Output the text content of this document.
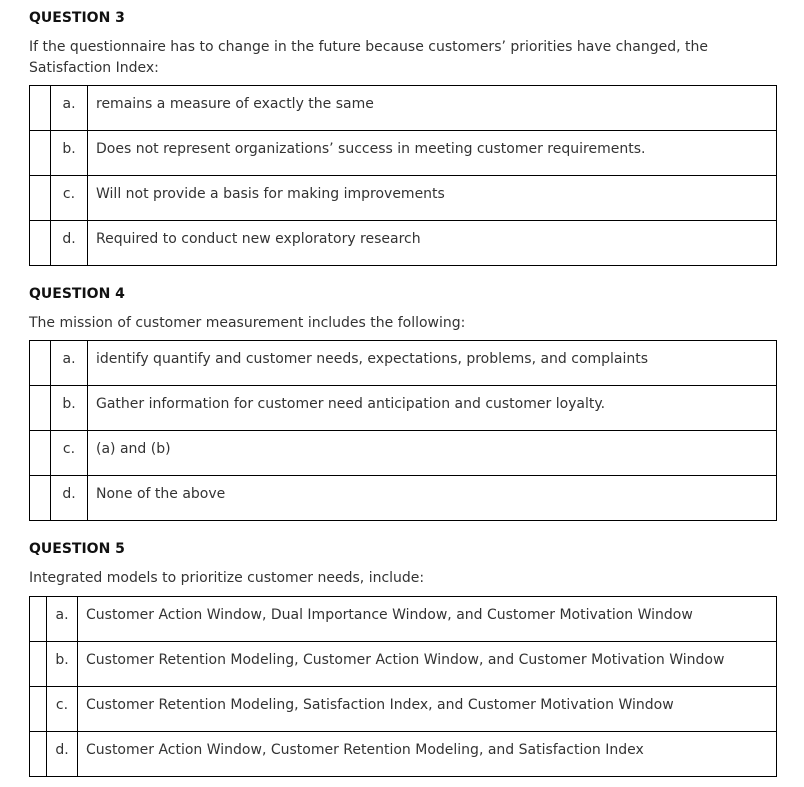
QUESTION 3

If the questionnaire has to change in the future because customers’ priorities have changed, the
Satisfaction Index:

	a.	remains a measure of exactly the same
	b.	Does not represent organizations’ success in meeting customer requirements.
	c.	Will not provide a basis for making improvements
	d.	Required to conduct new exploratory research

QUESTION 4

The mission of customer measurement includes the following:

	a.	identify quantify and customer needs, expectations, problems, and complaints
	b.	Gather information for customer need anticipation and customer loyalty.
	c.	(a) and (b)
	d.	None of the above

QUESTION 5

Integrated models to prioritize customer needs, include:

	a.	Customer Action Window, Dual Importance Window, and Customer Motivation Window
	b.	Customer Retention Modeling, Customer Action Window, and Customer Motivation Window
	c.	Customer Retention Modeling, Satisfaction Index, and Customer Motivation Window
	d.	Customer Action Window, Customer Retention Modeling, and Satisfaction Index
